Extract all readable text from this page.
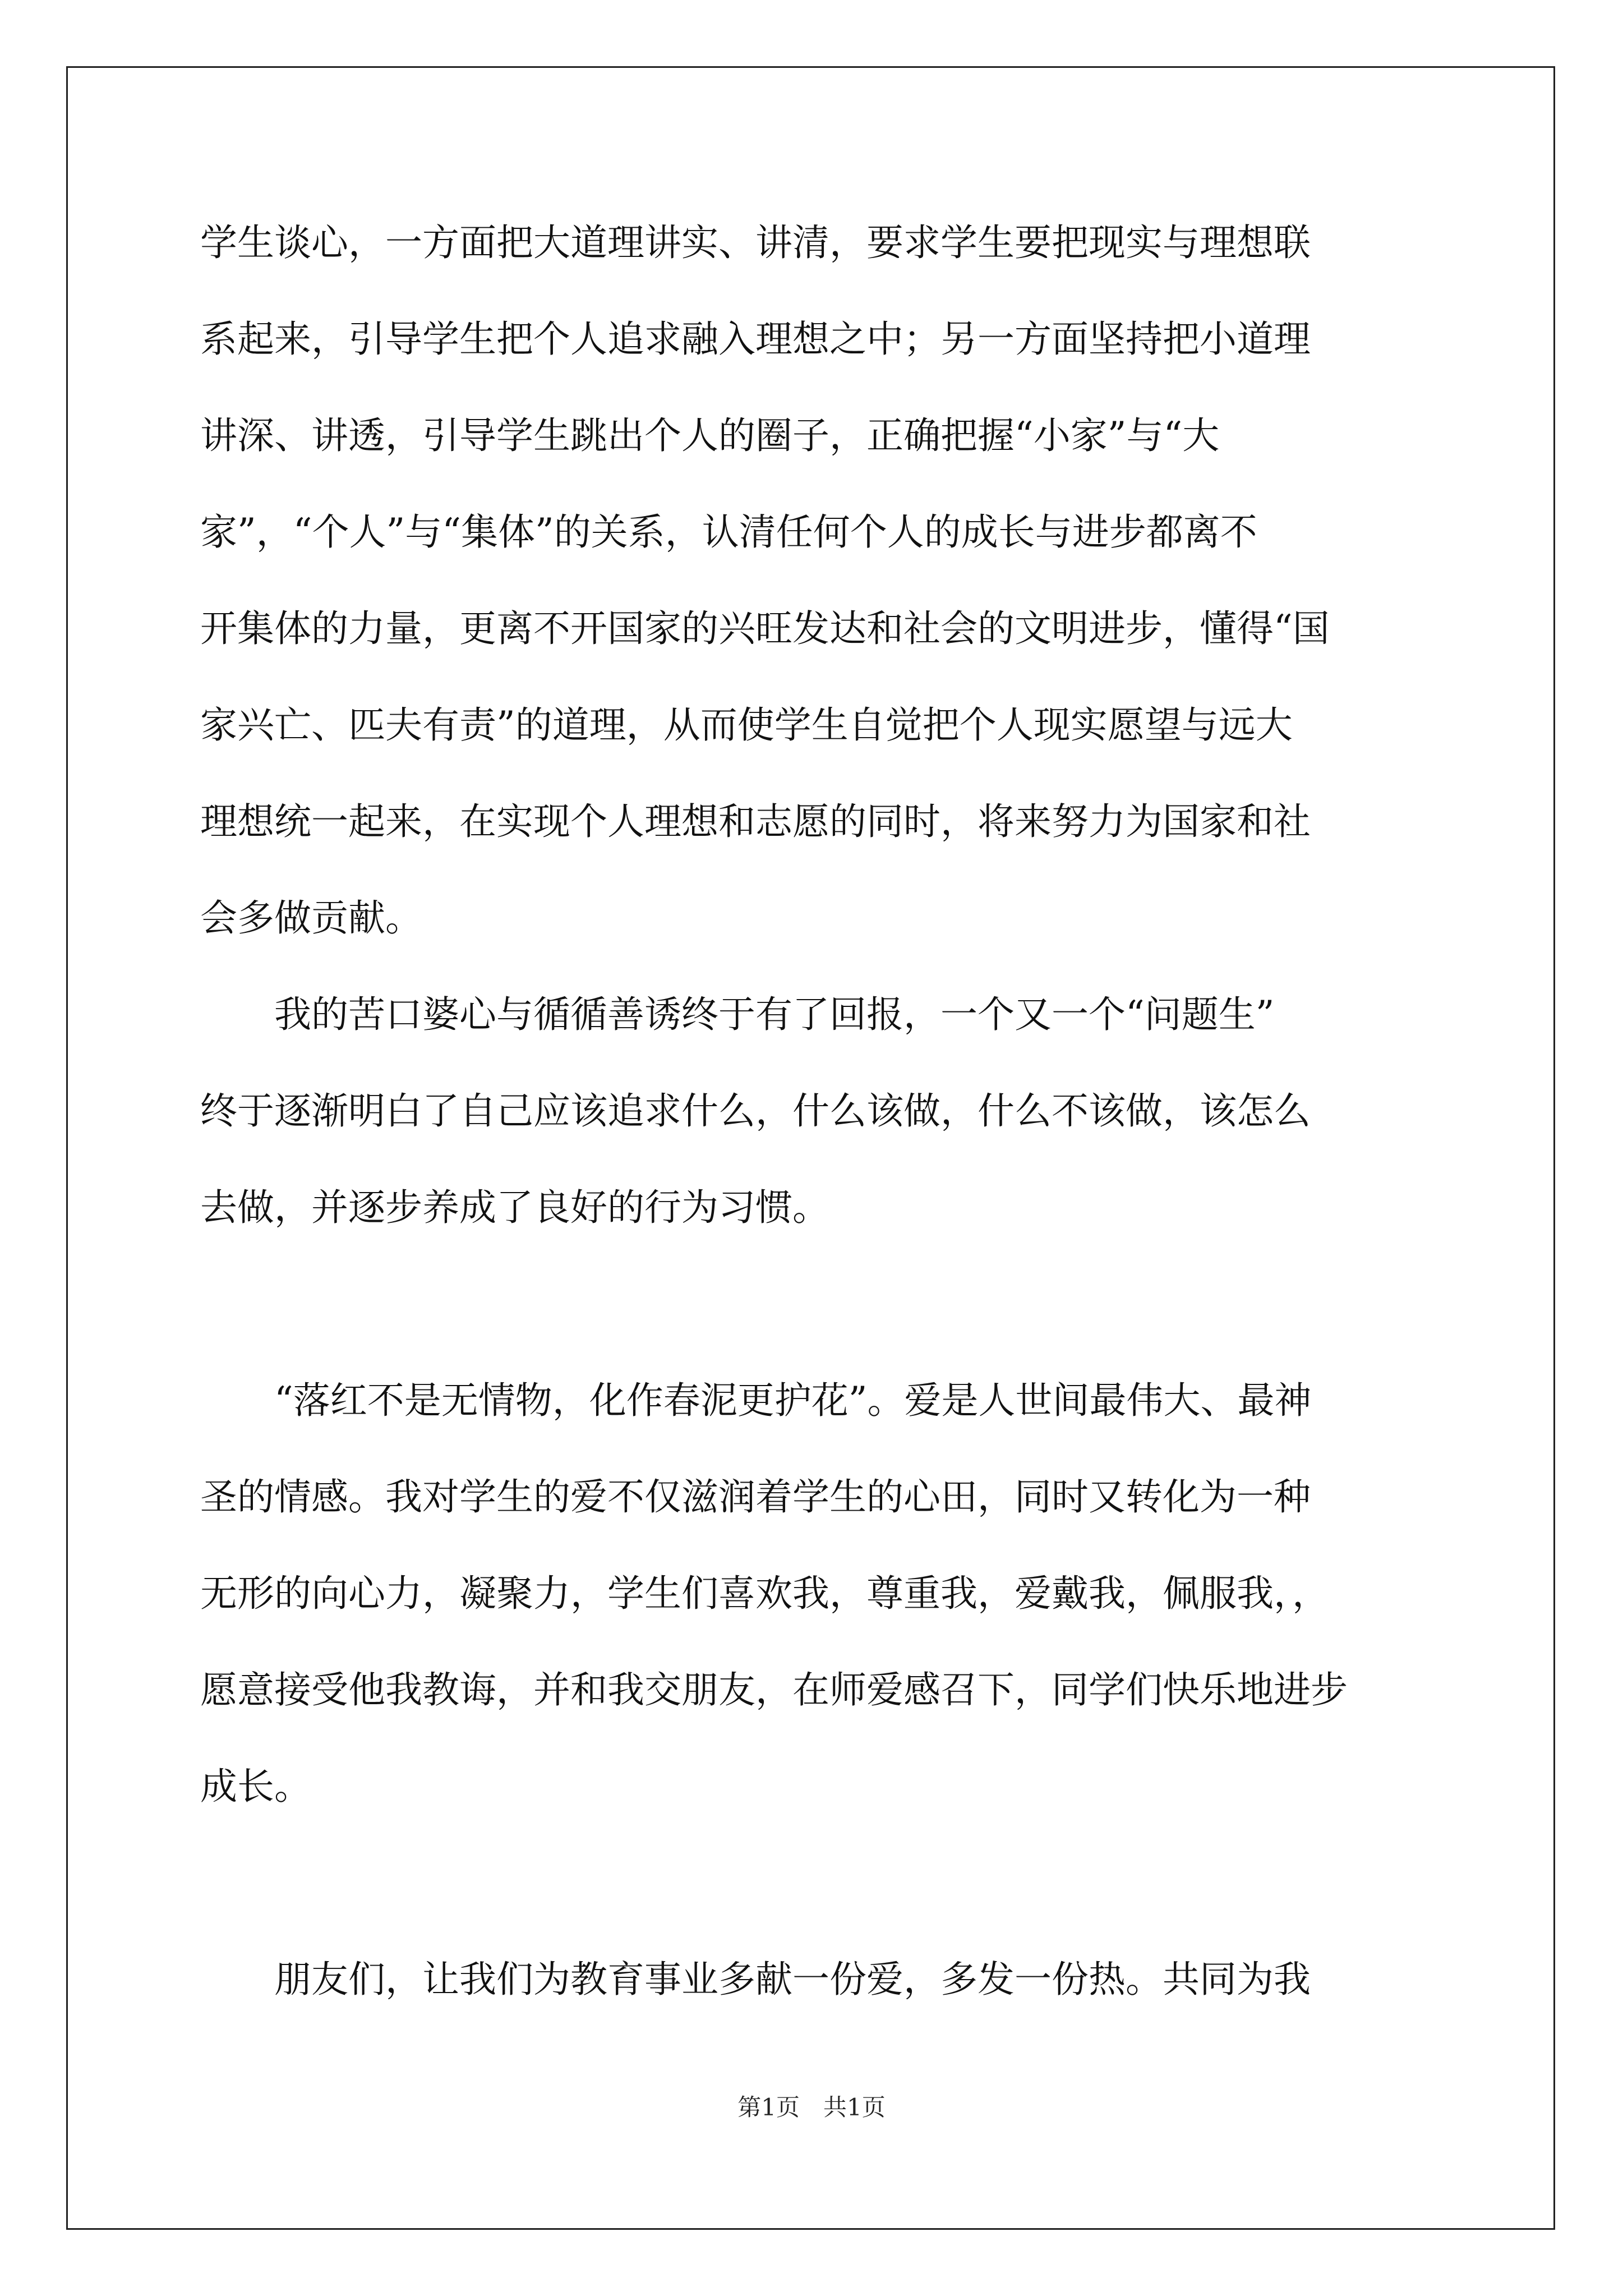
学生谈心，一方面把大道理讲实、讲清，要求学生要把现实与理想联
系起来，引导学生把个人追求融入理想之中；另一方面坚持把小道理
讲深、讲透，引导学生跳出个人的圈子，正确把握“小家”与“大
家”，“个人”与“集体”的关系，认清任何个人的成长与进步都离不
开集体的力量，更离不开国家的兴旺发达和社会的文明进步，懂得“国
家兴亡、匹夫有责”的道理，从而使学生自觉把个人现实愿望与远大
理想统一起来，在实现个人理想和志愿的同时，将来努力为国家和社
会多做贡献。
　　我的苦口婆心与循循善诱终于有了回报，一个又一个“问题生”
终于逐渐明白了自己应该追求什么，什么该做，什么不该做，该怎么
去做，并逐步养成了良好的行为习惯。
　　“落红不是无情物，化作春泥更护花”。爱是人世间最伟大、最神
圣的情感。我对学生的爱不仅滋润着学生的心田，同时又转化为一种
无形的向心力，凝聚力，学生们喜欢我，尊重我，爱戴我，佩服我，，
愿意接受他我教诲，并和我交朋友，在师爱感召下，同学们快乐地进步
成长。
　　朋友们，让我们为教育事业多献一份爱，多发一份热。共同为我
第1页　共1页
